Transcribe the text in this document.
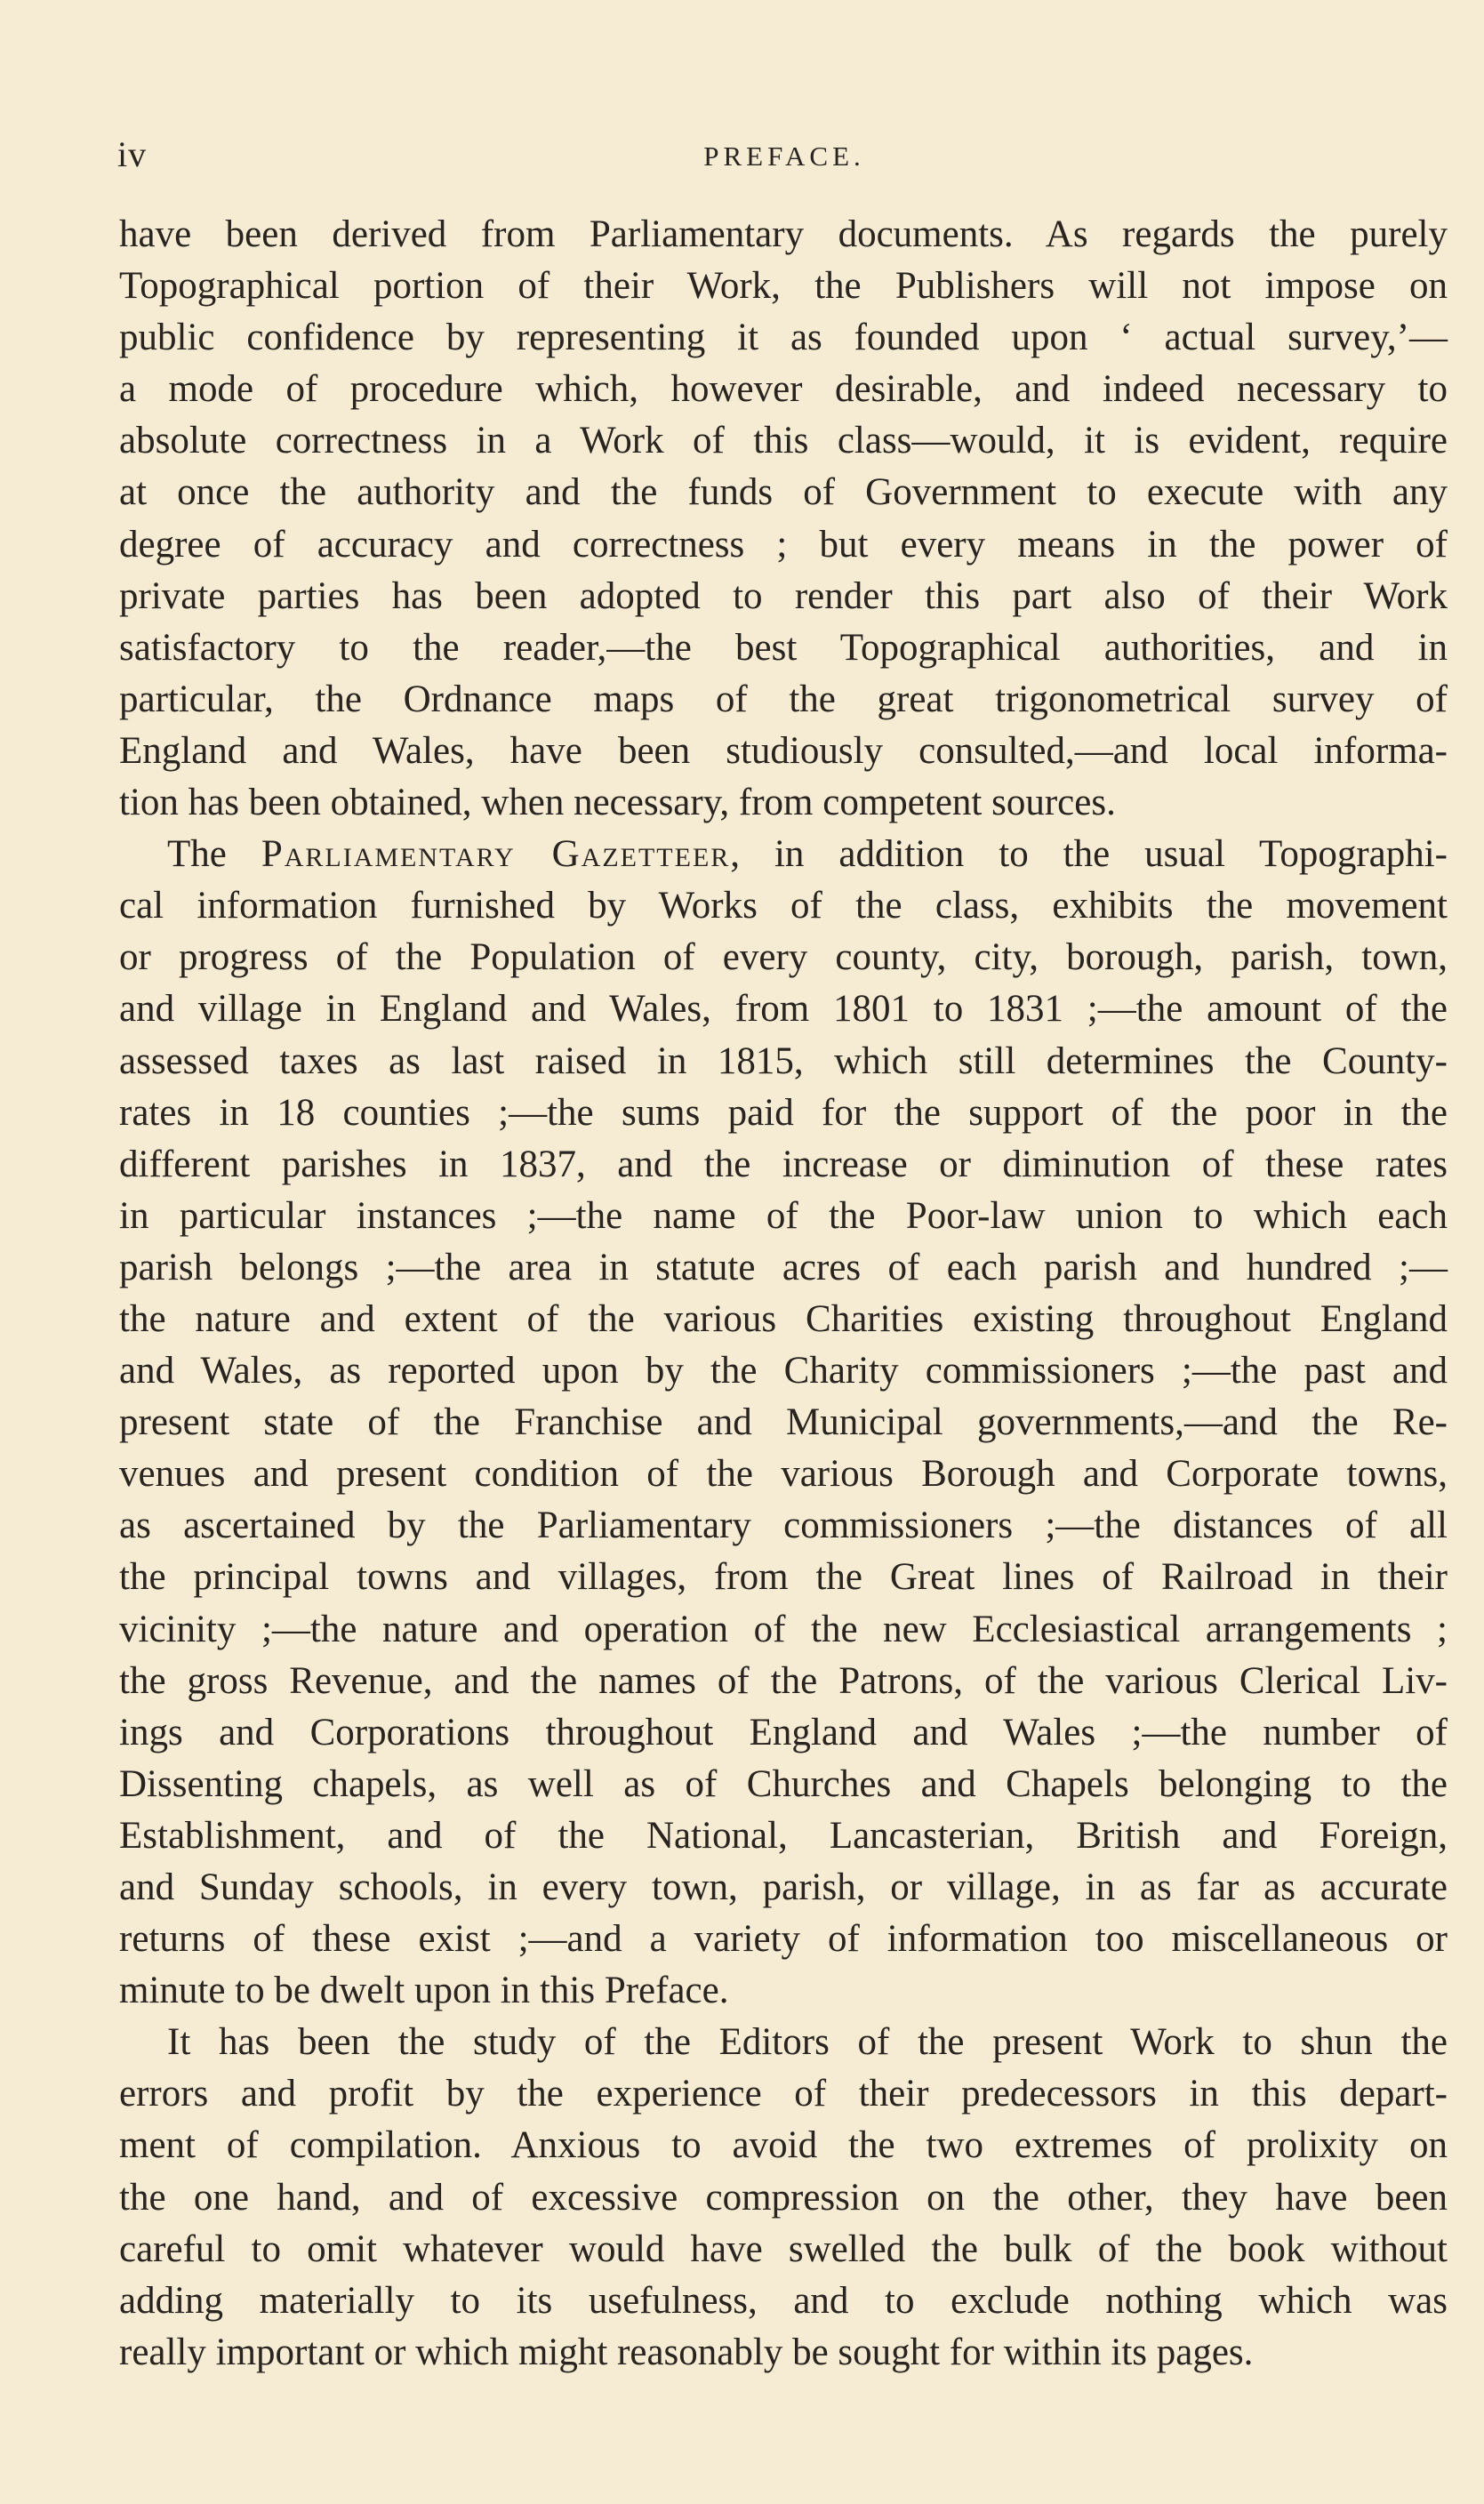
iv	PREFACE.
have been derived from Parliamentary documents. As regards the purely
Topographical portion of their Work, the Publishers will not impose on
public confidence by representing it as founded upon ‘ actual survey,’—
a mode of procedure which, however desirable, and indeed necessary to
absolute correctness in a Work of this class—would, it is evident, require
at once the authority and the funds of Government to execute with any
degree of accuracy and correctness ; but every means in the power of
private parties has been adopted to render this part also of their Work
satisfactory to the reader,—the best Topographical authorities, and in
particular, the Ordnance maps of the great trigonometrical survey of
England and Wales, have been studiously consulted,—and local informa-
tion has been obtained, when necessary, from competent sources.
The Parliamentary Gazetteer, in addition to the usual Topographi-
cal information furnished by Works of the class, exhibits the movement
or progress of the Population of every county, city, borough, parish, town,
and village in England and Wales, from 1801 to 1831 ;—the amount of the
assessed taxes as last raised in 1815, which still determines the County-
rates in 18 counties ;—the sums paid for the support of the poor in the
different parishes in 1837, and the increase or diminution of these rates
in particular instances ;—the name of the Poor-law union to which each
parish belongs ;—the area in statute acres of each parish and hundred ;—
the nature and extent of the various Charities existing throughout England
and Wales, as reported upon by the Charity commissioners ;—the past and
present state of the Franchise and Municipal governments,—and the Re-
venues and present condition of the various Borough and Corporate towns,
as ascertained by the Parliamentary commissioners ;—the distances of all
the principal towns and villages, from the Great lines of Railroad in their
vicinity ;—the nature and operation of the new Ecclesiastical arrangements ;
the gross Revenue, and the names of the Patrons, of the various Clerical Liv-
ings and Corporations throughout England and Wales ;—the number of
Dissenting chapels, as well as of Churches and Chapels belonging to the
Establishment, and of the National, Lancasterian, British and Foreign,
and Sunday schools, in every town, parish, or village, in as far as accurate
returns of these exist ;—and a variety of information too miscellaneous or
minute to be dwelt upon in this Preface.
It has been the study of the Editors of the present Work to shun the
errors and profit by the experience of their predecessors in this depart-
ment of compilation. Anxious to avoid the two extremes of prolixity on
the one hand, and of excessive compression on the other, they have been
careful to omit whatever would have swelled the bulk of the book without
adding materially to its usefulness, and to exclude nothing which was
really important or which might reasonably be sought for within its pages.
